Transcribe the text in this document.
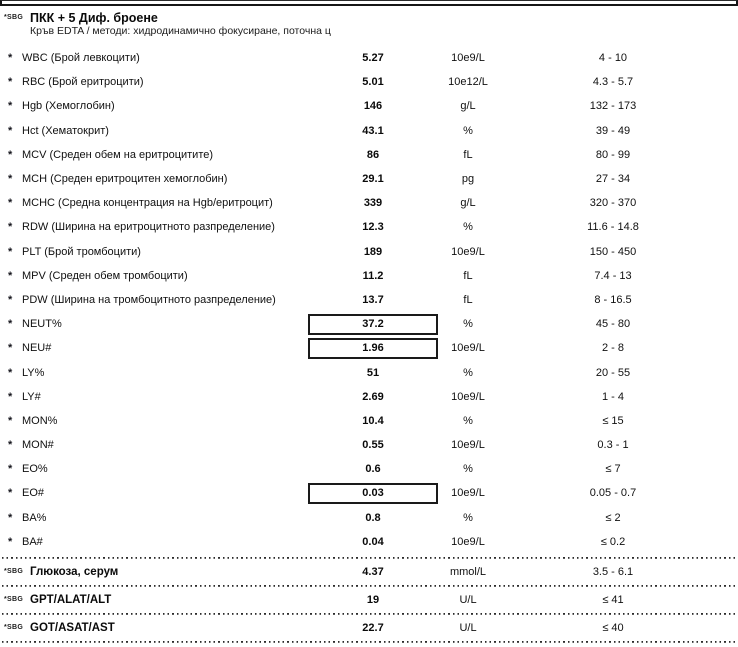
*SBG ПКК + 5 Диф. броене
Кръв EDTA / методи: хидродинамично фокусиране, поточна ц
* WBC (Брой левкоцити)	5.27	10e9/L	4 - 10
* RBC (Брой еритроцити)	5.01	10e12/L	4.3 - 5.7
* Hgb (Хемоглобин)	146	g/L	132 - 173
* Hct (Хематокрит)	43.1	%	39 - 49
* MCV (Среден обем на еритроцитите)	86	fL	80 - 99
* MCH (Среден еритроцитен хемоглобин)	29.1	pg	27 - 34
* MCHC (Средна концентрация на Hgb/еритроцит)	339	g/L	320 - 370
* RDW (Ширина на еритроцитното разпределение)	12.3	%	11.6 - 14.8
* PLT (Брой тромбоцити)	189	10e9/L	150 - 450
* MPV (Среден обем тромбоцити)	11.2	fL	7.4 - 13
* PDW (Ширина на тромбоцитното разпределение)	13.7	fL	8 - 16.5
* NEUT%	37.2	%	45 - 80
* NEU#	1.96	10e9/L	2 - 8
* LY%	51	%	20 - 55
* LY#	2.69	10e9/L	1 - 4
* MON%	10.4	%	≤ 15
* MON#	0.55	10e9/L	0.3 - 1
* EO%	0.6	%	≤ 7
* EO#	0.03	10e9/L	0.05 - 0.7
* BA%	0.8	%	≤ 2
* BA#	0.04	10e9/L	≤ 0.2
*SBG Глюкоза, серум	4.37	mmol/L	3.5 - 6.1
*SBG GPT/ALAT/ALT	19	U/L	≤ 41
*SBG GOT/ASAT/AST	22.7	U/L	≤ 40
